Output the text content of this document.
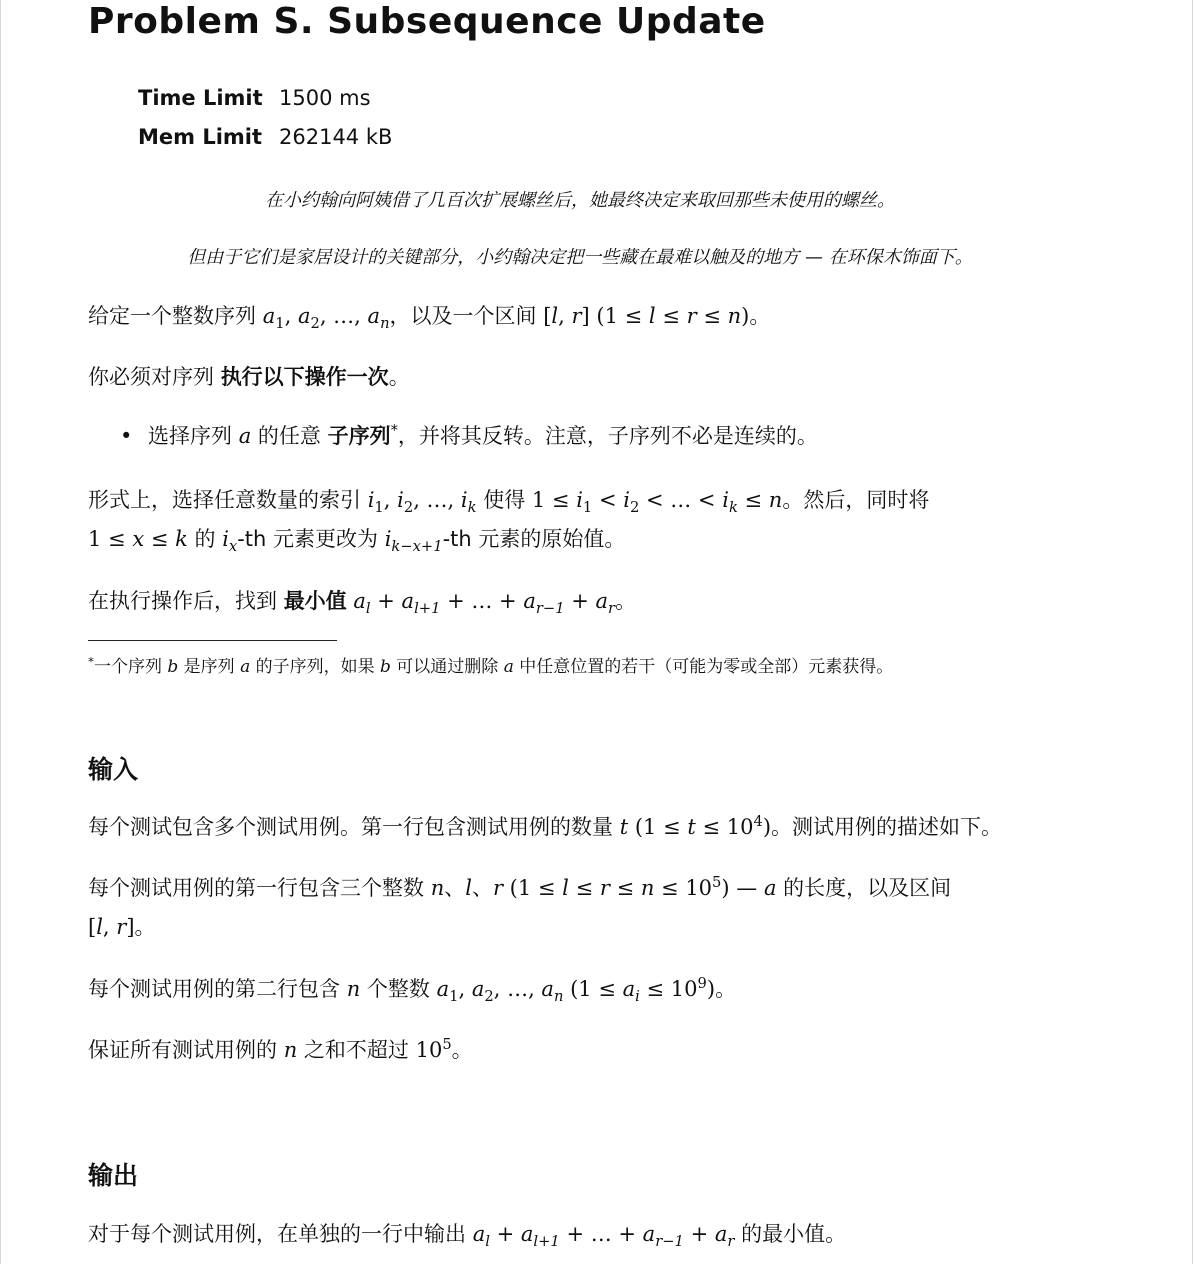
Problem S. Subsequence Update
Time Limit 1500 ms
Mem Limit 262144 kB
在小约翰向阿姨借了几百次扩展螺丝后，她最终决定来取回那些未使用的螺丝。
但由于它们是家居设计的关键部分，小约翰决定把一些藏在最难以触及的地方 — 在环保木饰面下。
给定一个整数序列 $a_1$, $a_2$, …, $a_n$，以及一个区间 [l, r] (1 ≤ l ≤ r ≤ n)。
你必须对序列 执行以下操作一次。
• 选择序列 a 的任意 子序列*，并将其反转。注意，子序列不必是连续的。
形式上，选择任意数量的索引 $i_1$, $i_2$, …, $i_k$ 使得 $1 \le i_1 < i_2$ < … < $i_k \le n$。然后，同时将
1 ≤ x ≤ k 的 $i_x-th$ 元素更改为 $i_{k-x+1}-th$ 元素的原始值。
在执行操作后，找到 最小值 $a_l + a_{l+1}$ + … + $a_{r-1} + a_r$。
*一个序列 b 是序列 a 的子序列，如果 b 可以通过删除 a 中任意位置的若干（可能为零或全部）元素获得。
输入
每个测试包含多个测试用例。第一行包含测试用例的数量 t $(1 \le t \le 10^4)$。测试用例的描述如下。
每个测试用例的第一行包含三个整数 n、l、r $(1 \le l \le r \le n \le 10^5)$ — a 的长度，以及区间
[l, r]。
每个测试用例的第二行包含 n 个整数 $a_1$, $a_2$, …, $a_n$ $(1 \le a_i \le 10^9)$。
保证所有测试用例的 n 之和不超过 $10^5$。
输出
对于每个测试用例，在单独的一行中输出 $a_l + a_{l+1}$ + … + $a_{r-1} + a_r$ 的最小值。
